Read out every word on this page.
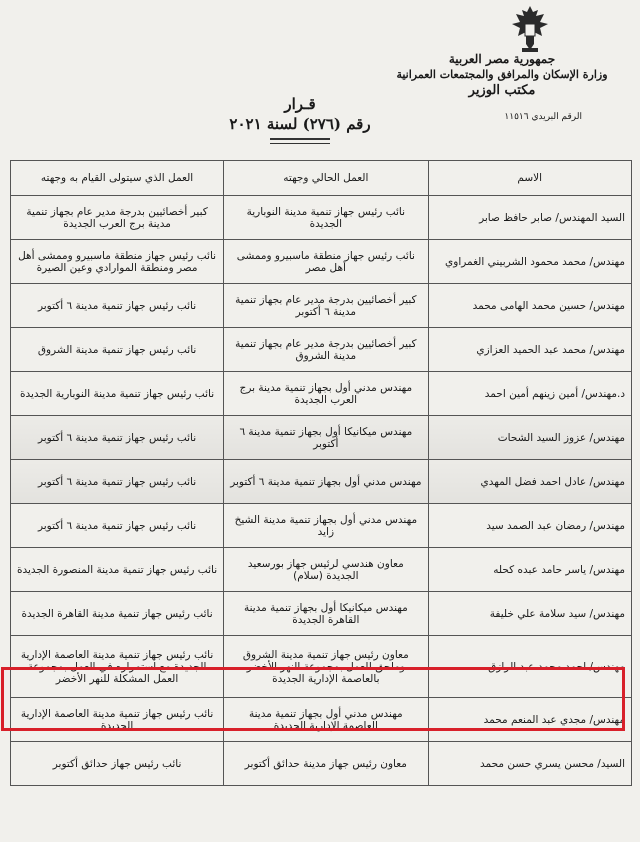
جمهورية مصر العربية
وزارة الإسكان والمرافق والمجتمعات العمرانية
مكتب الوزير
الرقم البريدي ١١٥١٦
قـرار
رقم (٢٧٦) لسنة ٢٠٢١
الاسم	العمل الحالي وجهته	العمل الذي سيتولى القيام به وجهته
السيد المهندس/ صابر حافظ صابر	نائب رئيس جهاز تنمية مدينة النوبارية الجديدة	كبير أخصائيين بدرجة مدير عام بجهاز تنمية مدينة برج العرب الجديدة
مهندس/ محمد محمود الشربيني الغمراوي	نائب رئيس جهاز منطقة ماسبيرو وممشى أهل مصر	نائب رئيس جهاز منطقة ماسبيرو وممشى أهل مصر ومنطقة الموارادي وعين الصيرة
مهندس/ حسين محمد الهامى محمد	كبير أخصائيين بدرجة مدير عام بجهاز تنمية مدينة ٦ أكتوبر	نائب رئيس جهاز تنمية مدينة ٦ أكتوبر
مهندس/ محمد عبد الحميد العزازي	كبير أخصائيين بدرجة مدير عام بجهاز تنمية مدينة الشروق	نائب رئيس جهاز تنمية مدينة الشروق
د.مهندس/ أمين زينهم أمين احمد	مهندس مدني أول بجهاز تنمية مدينة برج العرب الجديدة	نائب رئيس جهاز تنمية مدينة النوبارية الجديدة
مهندس/ عزوز السيد الشحات	مهندس ميكانيكا أول بجهاز تنمية مدينة ٦ أكتوبر	نائب رئيس جهاز تنمية مدينة ٦ أكتوبر
مهندس/ عادل احمد فضل المهدي	مهندس مدني أول بجهاز تنمية مدينة ٦ أكتوبر	نائب رئيس جهاز تنمية مدينة ٦ أكتوبر
مهندس/ رمضان عبد الصمد سيد	مهندس مدني أول بجهاز تنمية مدينة الشيخ زايد	نائب رئيس جهاز تنمية مدينة ٦ أكتوبر
مهندس/ ياسر حامد عبده كحله	معاون هندسي لرئيس جهاز بورسعيد الجديدة (سلام)	نائب رئيس جهاز تنمية مدينة المنصورة الجديدة
مهندس/ سيد سلامة علي خليفة	مهندس ميكانيكا أول بجهاز تنمية مدينة القاهرة الجديدة	نائب رئيس جهاز تنمية مدينة القاهرة الجديدة
مهندس/ احمد محمد عبد الرازق	معاون رئيس جهاز تنمية مدينة الشروق وملحق للعمل بمجموعة النهر الأخضر بالعاصمة الإدارية الجديدة	نائب رئيس جهاز تنمية مدينة العاصمة الإدارية الجديدة مع استمراره في العمل بمجموعة العمل المشكلة للنهر الأخضر
مهندس/ مجدي عبد المنعم محمد	مهندس مدني أول بجهاز تنمية مدينة العاصمة الإدارية الجديدة	نائب رئيس جهاز تنمية مدينة العاصمة الإدارية الجديدة
السيد/ محسن يسري حسن محمد	معاون رئيس جهاز مدينة حدائق أكتوبر	نائب رئيس جهاز حدائق أكتوبر
